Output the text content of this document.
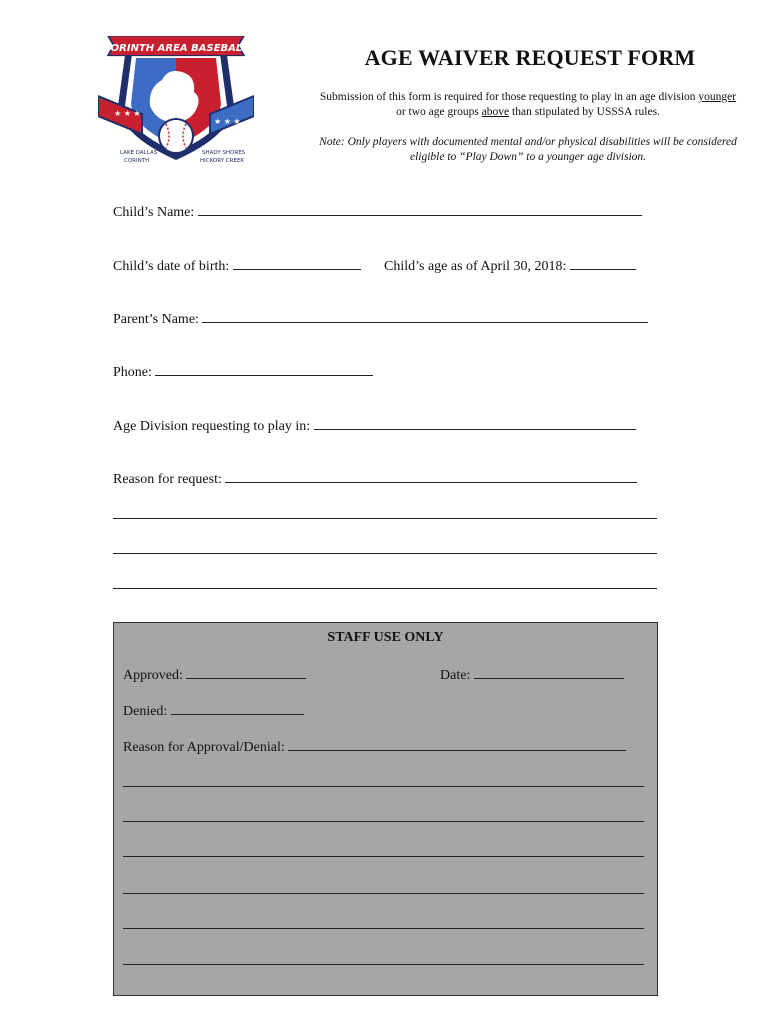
CORINTH AREA BASEBALL
★ ★ ★
★ ★ ★
LAKE DALLAS
CORINTH
SHADY SHORES
HICKORY CREEK
AGE WAIVER REQUEST FORM
Submission of this form is required for those requesting to play in an age division younger or two age groups above than stipulated by USSSA rules.
Note: Only players with documented mental and/or physical disabilities will be considered eligible to “Play Down” to a younger age division.
Child’s Name:
Child’s date of birth:	Child’s age as of April 30, 2018:
Parent’s Name:
Phone:
Age Division requesting to play in:
Reason for request:
STAFF USE ONLY
Approved:	Date:
Denied:
Reason for Approval/Denial:
